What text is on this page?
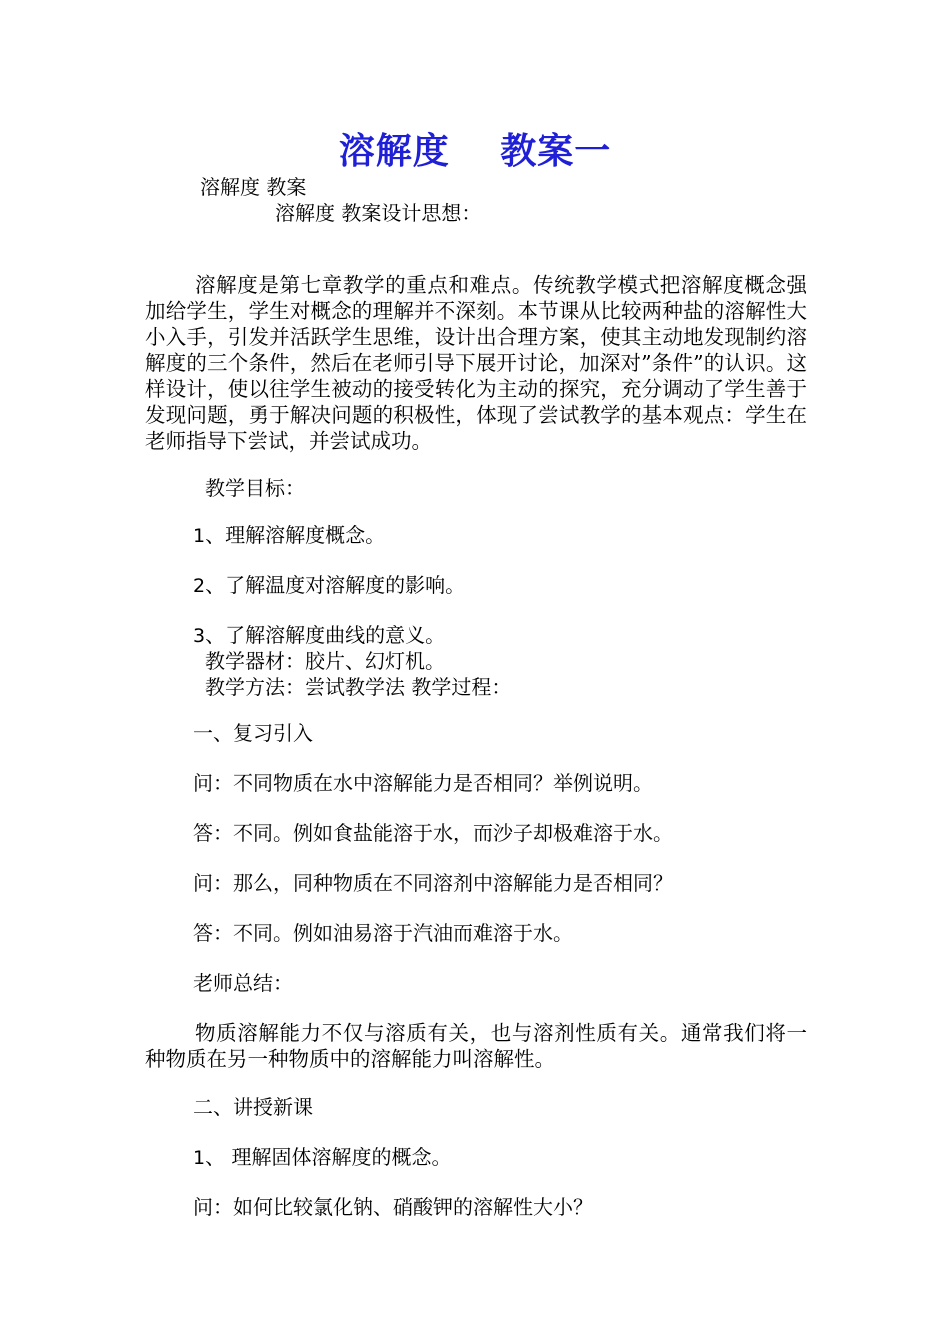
溶解度　 教案一
溶解度 教案
溶解度 教案设计思想：
溶解度是第七章教学的重点和难点。传统教学模式把溶解度概念强加给学生，学生对概念的理解并不深刻。本节课从比较两种盐的溶解性大小入手，引发并活跃学生思维，设计出合理方案，使其主动地发现制约溶解度的三个条件，然后在老师引导下展开讨论，加深对”条件”的认识。这样设计，使以往学生被动的接受转化为主动的探究，充分调动了学生善于发现问题，勇于解决问题的积极性，体现了尝试教学的基本观点：学生在老师指导下尝试，并尝试成功。
教学目标：
1、理解溶解度概念。
2、了解温度对溶解度的影响。
3、了解溶解度曲线的意义。
教学器材：胶片、幻灯机。
教学方法：尝试教学法 教学过程：
一、复习引入
问：不同物质在水中溶解能力是否相同？举例说明。
答：不同。例如食盐能溶于水，而沙子却极难溶于水。
问：那么，同种物质在不同溶剂中溶解能力是否相同？
答：不同。例如油易溶于汽油而难溶于水。
老师总结：
物质溶解能力不仅与溶质有关，也与溶剂性质有关。通常我们将一种物质在另一种物质中的溶解能力叫溶解性。
二、讲授新课
1、 理解固体溶解度的概念。
问：如何比较氯化钠、硝酸钾的溶解性大小？
